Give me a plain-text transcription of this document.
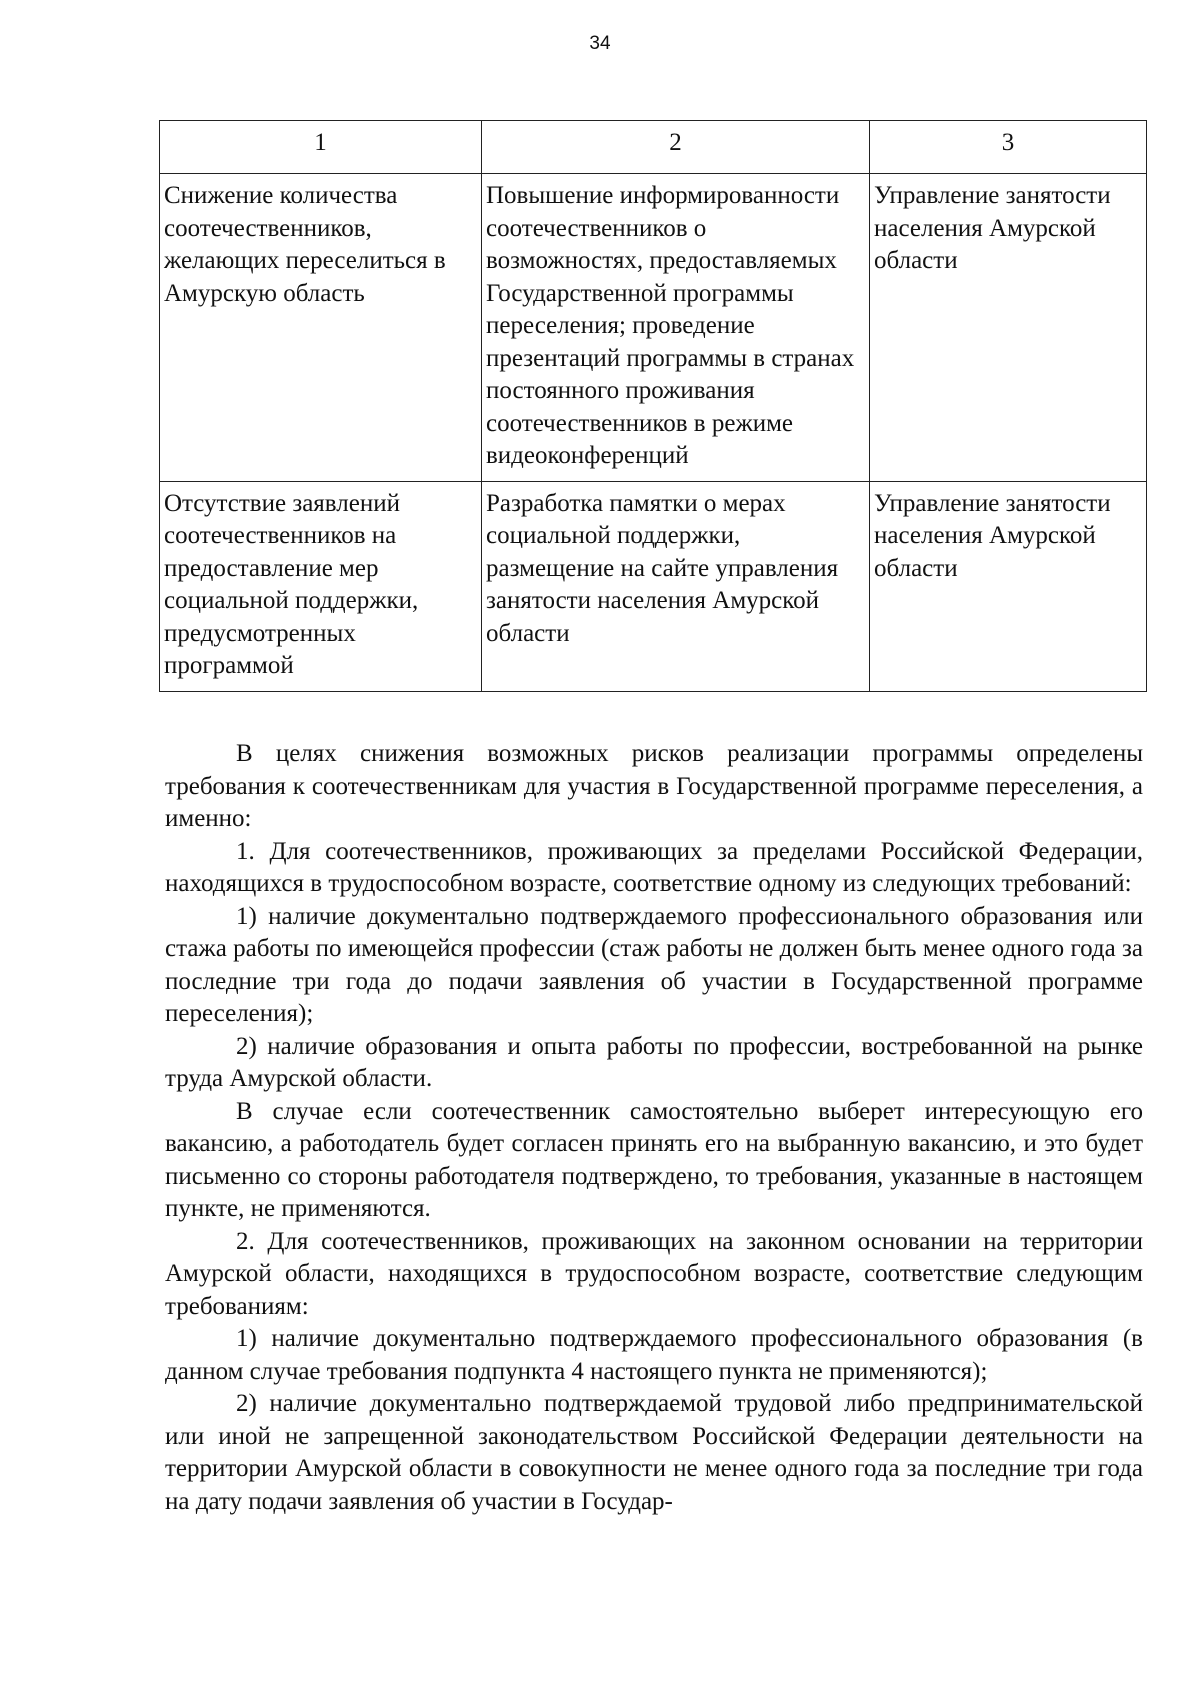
34
1	2	3
Снижение количества соотечественников, желающих переселиться в Амурскую область	Повышение информированности соотечественников о возможностях, предоставляемых Государственной программы переселения; проведение презентаций программы в странах постоянного проживания соотечественников в режиме видеоконференций	Управление занятости населения Амурской области
Отсутствие заявлений соотечественников на предоставление мер социальной поддержки, предусмотренных программой	Разработка памятки о мерах социальной поддержки, размещение на сайте управления занятости населения Амурской области	Управление занятости населения Амурской области

В целях снижения возможных рисков реализации программы определены требования к соотечественникам для участия в Государственной программе переселения, а именно:

1. Для соотечественников, проживающих за пределами Российской Федерации, находящихся в трудоспособном возрасте, соответствие одному из следующих требований:

1) наличие документально подтверждаемого профессионального образования или стажа работы по имеющейся профессии (стаж работы не должен быть менее одного года за последние три года до подачи заявления об участии в Государственной программе переселения);

2) наличие образования и опыта работы по профессии, востребованной на рынке труда Амурской области.

В случае если соотечественник самостоятельно выберет интересующую его вакансию, а работодатель будет согласен принять его на выбранную вакансию, и это будет письменно со стороны работодателя подтверждено, то требования, указанные в настоящем пункте, не применяются.

2. Для соотечественников, проживающих на законном основании на территории Амурской области, находящихся в трудоспособном возрасте, соответствие следующим требованиям:

1) наличие документально подтверждаемого профессионального образования (в данном случае требования подпункта 4 настоящего пункта не применяются);

2) наличие документально подтверждаемой трудовой либо предпринимательской или иной не запрещенной законодательством Российской Федерации деятельности на территории Амурской области в совокупности не менее одного года за последние три года на дату подачи заявления об участии в Государ-
